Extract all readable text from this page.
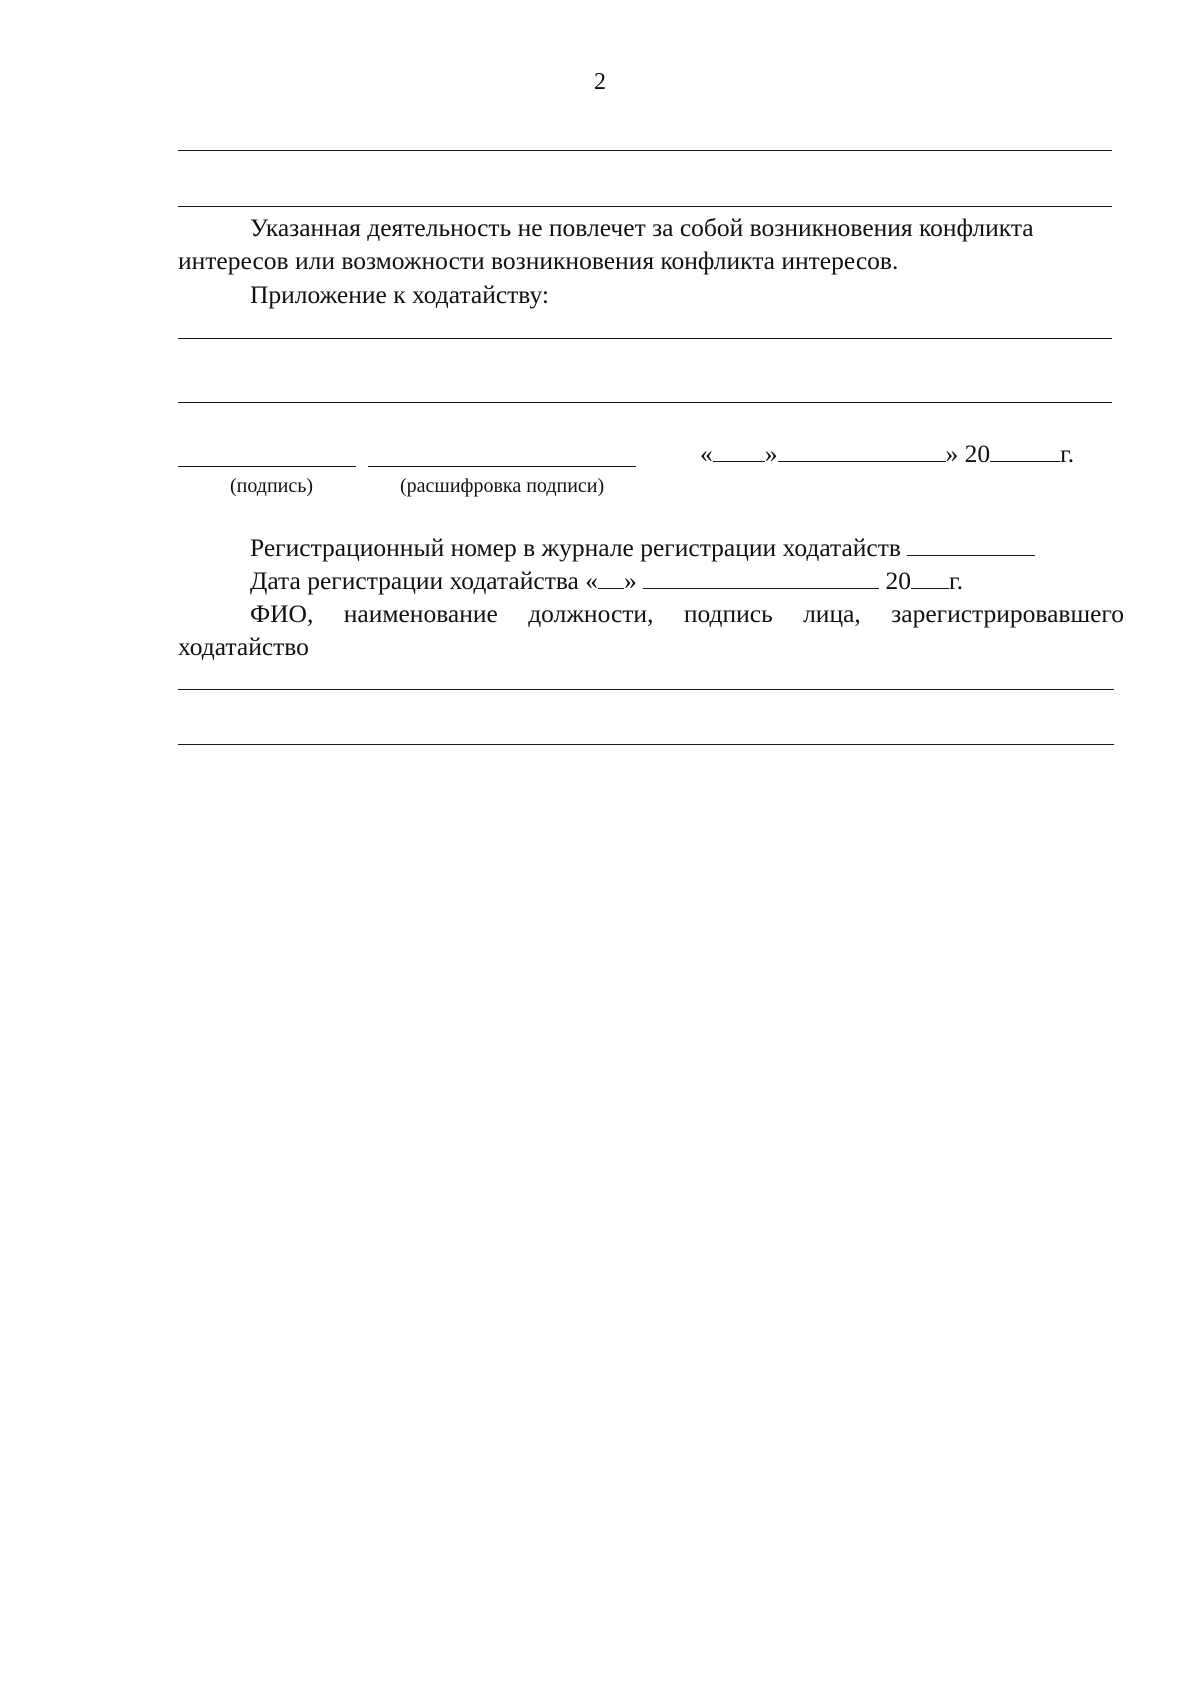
2
Указанная деятельность не повлечет за собой возникновения конфликта
интересов или возможности возникновения конфликта интересов.
Приложение к ходатайству:
« »	» 20	г.
(подпись)	(расшифровка подписи)
Регистрационный номер в журнале регистрации ходатайств
Дата регистрации ходатайства « »	20 г.
ФИО, наименование должности, подпись лица, зарегистрировавшего
ходатайство
